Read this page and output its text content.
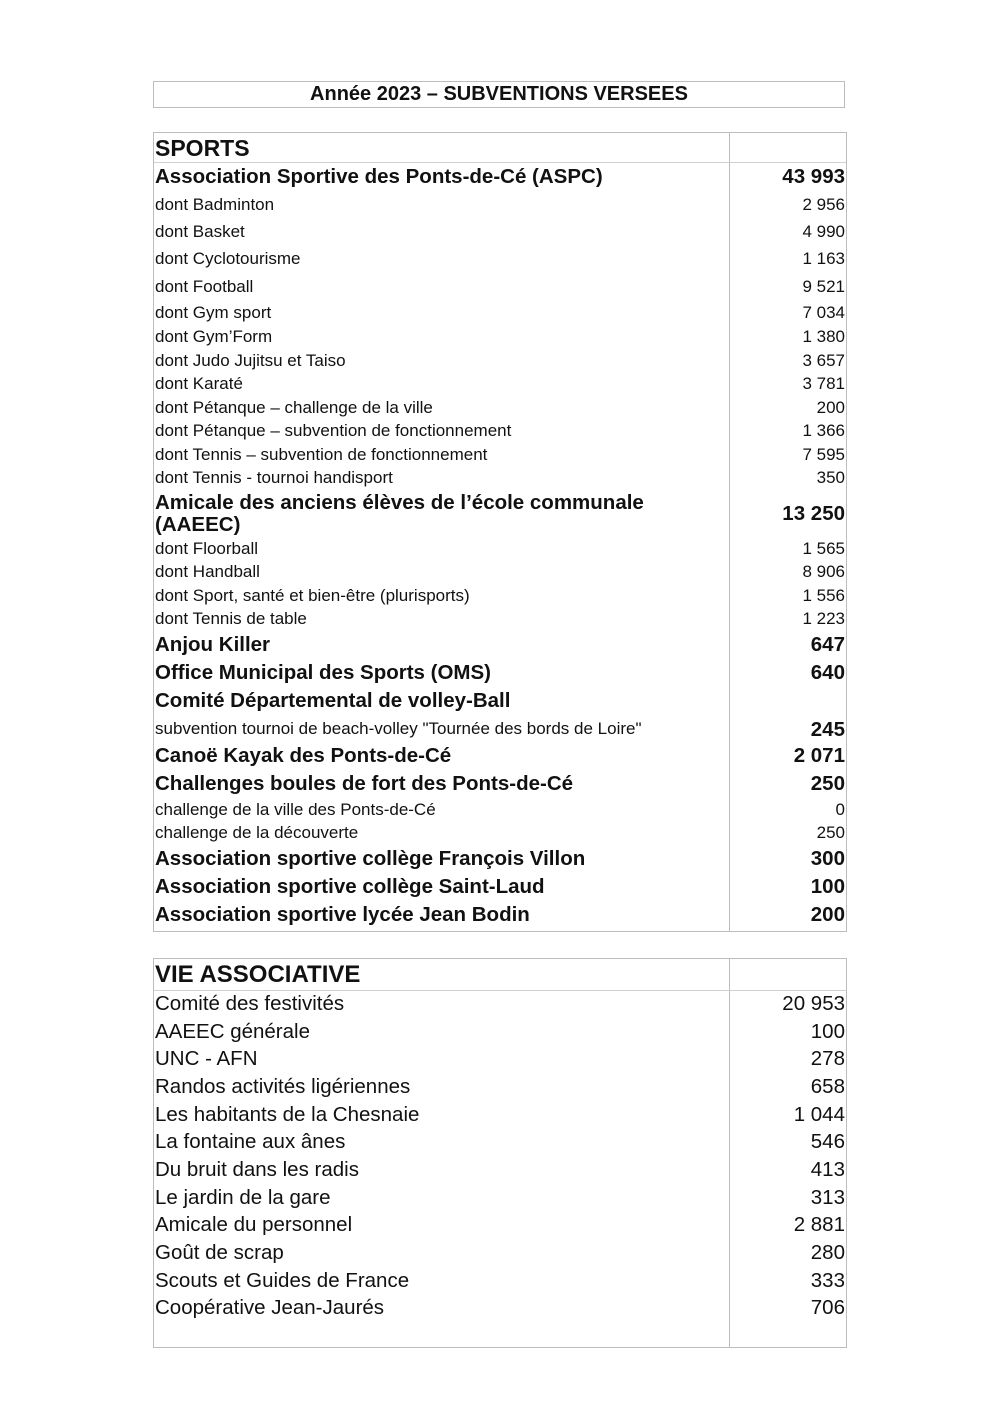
Année 2023 – SUBVENTIONS VERSEES
SPORTS	
Association Sportive des Ponts-de-Cé (ASPC)	43 993
dont Badminton	2 956
dont Basket	4 990
dont Cyclotourisme	1 163
dont Football	9 521
dont Gym sport	7 034
dont Gym’Form	1 380
dont Judo Jujitsu et Taiso	3 657
dont Karaté	3 781
dont Pétanque – challenge de la ville	200
dont Pétanque – subvention de fonctionnement	1 366
dont Tennis – subvention de fonctionnement	7 595
dont Tennis - tournoi handisport	350
Amicale des anciens élèves de l’école communale (AAEEC)	13 250
dont Floorball	1 565
dont Handball	8 906
dont Sport, santé et bien-être (plurisports)	1 556
dont Tennis de table	1 223
Anjou Killer	647
Office Municipal des Sports (OMS)	640
Comité Départemental de volley-Ball	
subvention tournoi de beach-volley "Tournée des bords de Loire"	245
Canoë Kayak des Ponts-de-Cé	2 071
Challenges boules de fort des Ponts-de-Cé	250
challenge de la ville des Ponts-de-Cé	0
challenge de la découverte	250
Association sportive collège François Villon	300
Association sportive collège Saint-Laud	100
Association sportive lycée Jean Bodin	200
VIE ASSOCIATIVE	
Comité des festivités	20 953
AAEEC générale	100
UNC - AFN	278
Randos activités ligériennes	658
Les habitants de la Chesnaie	1 044
La fontaine aux ânes	546
Du bruit dans les radis	413
Le jardin de la gare	313
Amicale du personnel	2 881
Goût de scrap	280
Scouts et Guides de France	333
Coopérative Jean-Jaurés	706
